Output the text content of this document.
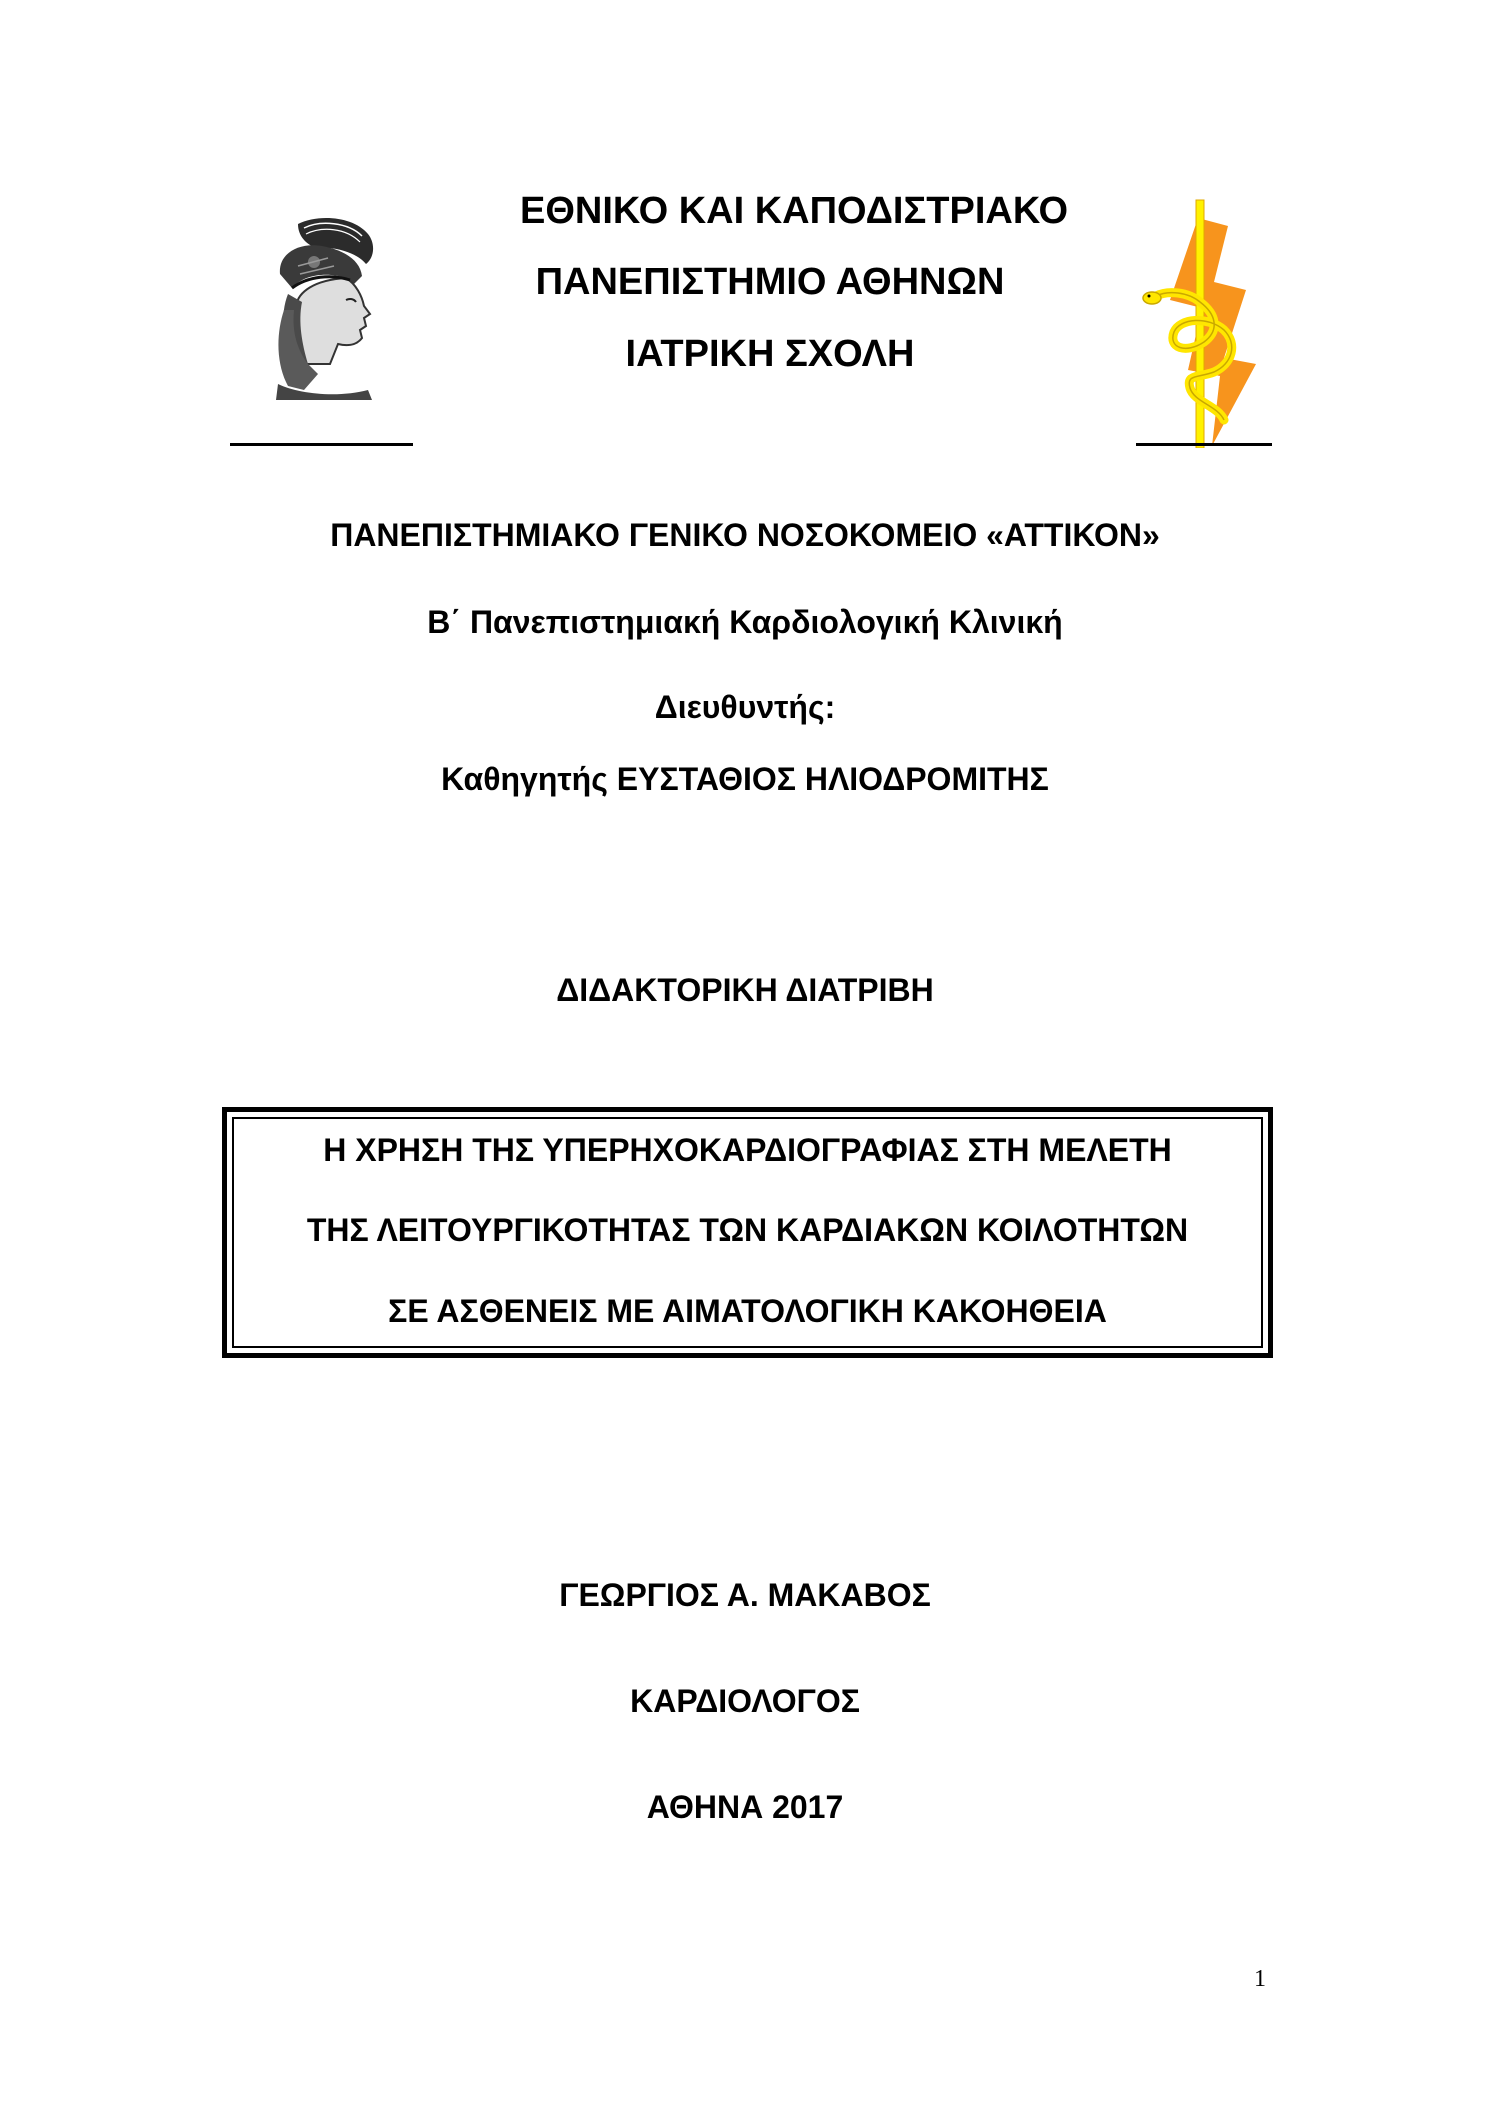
ΕΘΝΙΚΟ ΚΑΙ ΚΑΠΟΔΙΣΤΡΙΑΚΟ
ΠΑΝΕΠΙΣΤΗΜΙΟ ΑΘΗΝΩΝ
ΙΑΤΡΙΚΗ ΣΧΟΛΗ
ΠΑΝΕΠΙΣΤΗΜΙΑΚΟ ΓΕΝΙΚΟ ΝΟΣΟΚΟΜΕΙΟ «ΑΤΤΙΚΟΝ»
Β΄ Πανεπιστημιακή Καρδιολογική Κλινική
Διευθυντής:
Καθηγητής ΕΥΣΤΑΘΙΟΣ ΗΛΙΟΔΡΟΜΙΤΗΣ
ΔΙΔΑΚΤΟΡΙΚΗ ΔΙΑΤΡΙΒΗ
Η ΧΡΗΣΗ ΤΗΣ ΥΠΕΡΗΧΟΚΑΡΔΙΟΓΡΑΦΙΑΣ ΣΤΗ ΜΕΛΕΤΗ
ΤΗΣ ΛΕΙΤΟΥΡΓΙΚΟΤΗΤΑΣ ΤΩΝ ΚΑΡΔΙΑΚΩΝ ΚΟΙΛΟΤΗΤΩΝ
ΣΕ ΑΣΘΕΝΕΙΣ ΜΕ ΑΙΜΑΤΟΛΟΓΙΚΗ ΚΑΚΟΗΘΕΙΑ
ΓΕΩΡΓΙΟΣ Α. ΜΑΚΑΒΟΣ
ΚΑΡΔΙΟΛΟΓΟΣ
ΑΘΗΝΑ 2017
1
